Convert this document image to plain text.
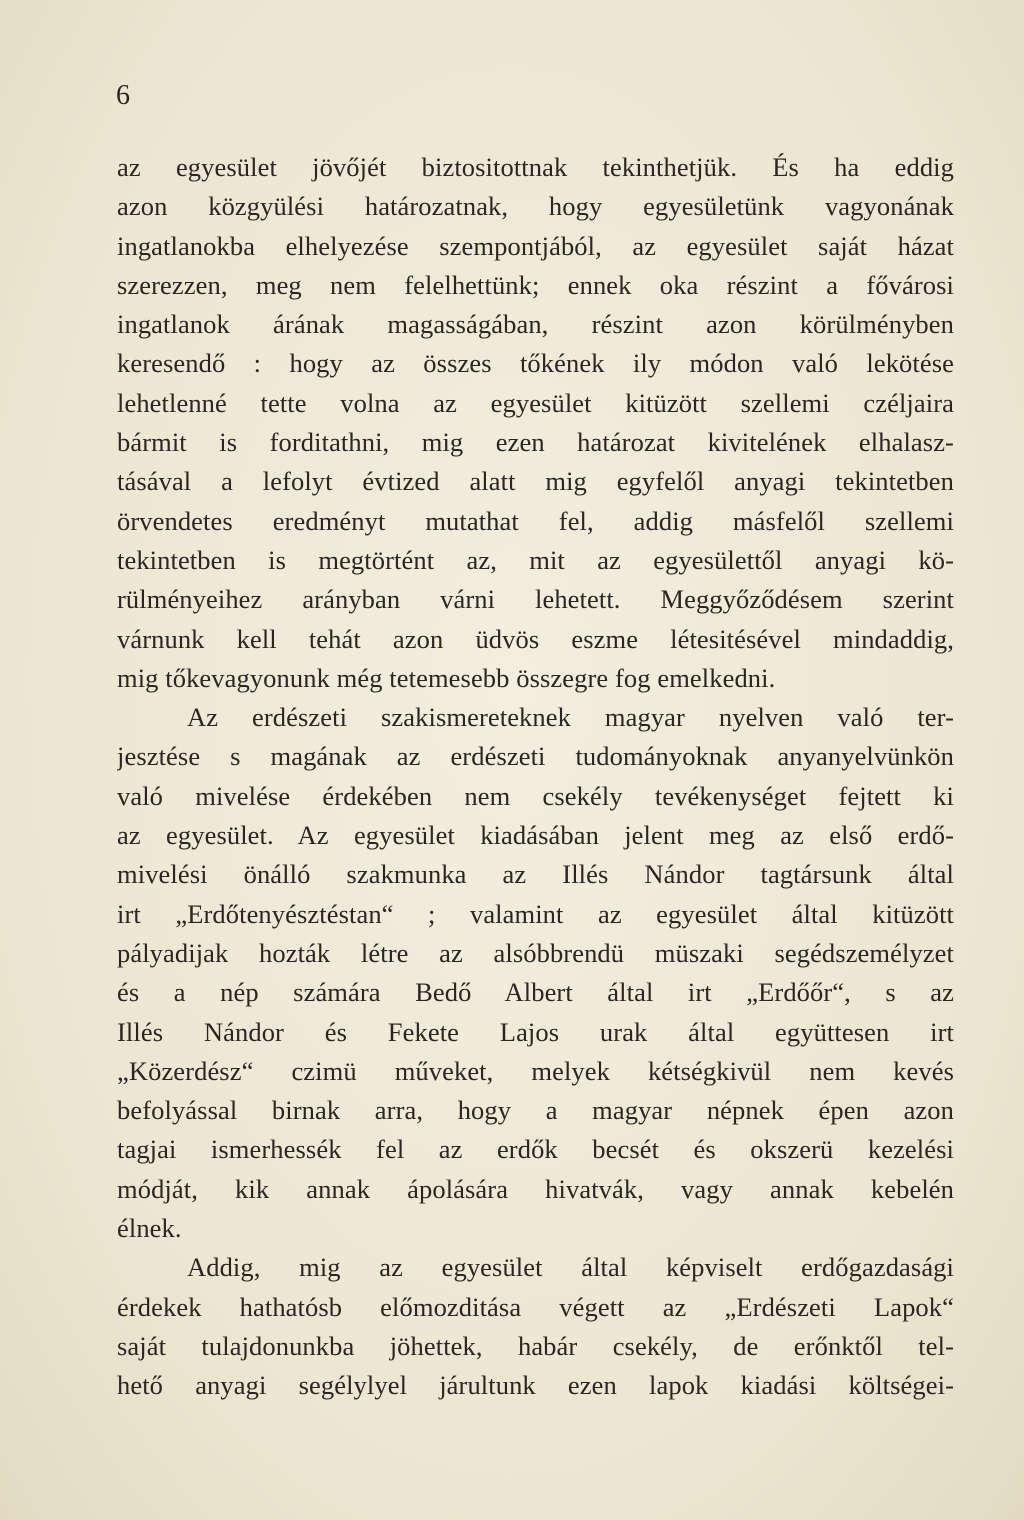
6
az egyesület jövőjét biztositottnak tekinthetjük. És ha eddig
azon közgyülési határozatnak, hogy egyesületünk vagyonának
ingatlanokba elhelyezése szempontjából, az egyesület saját házat
szerezzen, meg nem felelhettünk; ennek oka részint a fővárosi
ingatlanok árának magasságában, részint azon körülményben
keresendő : hogy az összes tőkének ily módon való lekötése
lehetlenné tette volna az egyesület kitüzött szellemi czéljaira
bármit is forditathni, mig ezen határozat kivitelének elhalasz-
tásával a lefolyt évtized alatt mig egyfelől anyagi tekintetben
örvendetes eredményt mutathat fel, addig másfelől szellemi
tekintetben is megtörtént az, mit az egyesülettől anyagi kö-
rülményeihez arányban várni lehetett. Meggyőződésem szerint
várnunk kell tehát azon üdvös eszme létesitésével mindaddig,
mig tőkevagyonunk még tetemesebb összegre fog emelkedni.
Az erdészeti szakismereteknek magyar nyelven való ter-
jesztése s magának az erdészeti tudományoknak anyanyelvünkön
való mivelése érdekében nem csekély tevékenységet fejtett ki
az egyesület. Az egyesület kiadásában jelent meg az első erdő-
mivelési önálló szakmunka az Illés Nándor tagtársunk által
irt „Erdőtenyésztéstan“ ; valamint az egyesület által kitüzött
pályadijak hozták létre az alsóbbrendü müszaki segédszemélyzet
és a nép számára Bedő Albert által irt „Erdőőr“, s az
Illés Nándor és Fekete Lajos urak által együttesen irt
„Közerdész“ czimü műveket, melyek kétségkivül nem kevés
befolyással birnak arra, hogy a magyar népnek épen azon
tagjai ismerhessék fel az erdők becsét és okszerü kezelési
módját, kik annak ápolására hivatvák, vagy annak kebelén
élnek.
Addig, mig az egyesület által képviselt erdőgazdasági
érdekek hathatósb előmozditása végett az „Erdészeti Lapok“
saját tulajdonunkba jöhettek, habár csekély, de erőnktől tel-
hető anyagi segélylyel járultunk ezen lapok kiadási költségei-
